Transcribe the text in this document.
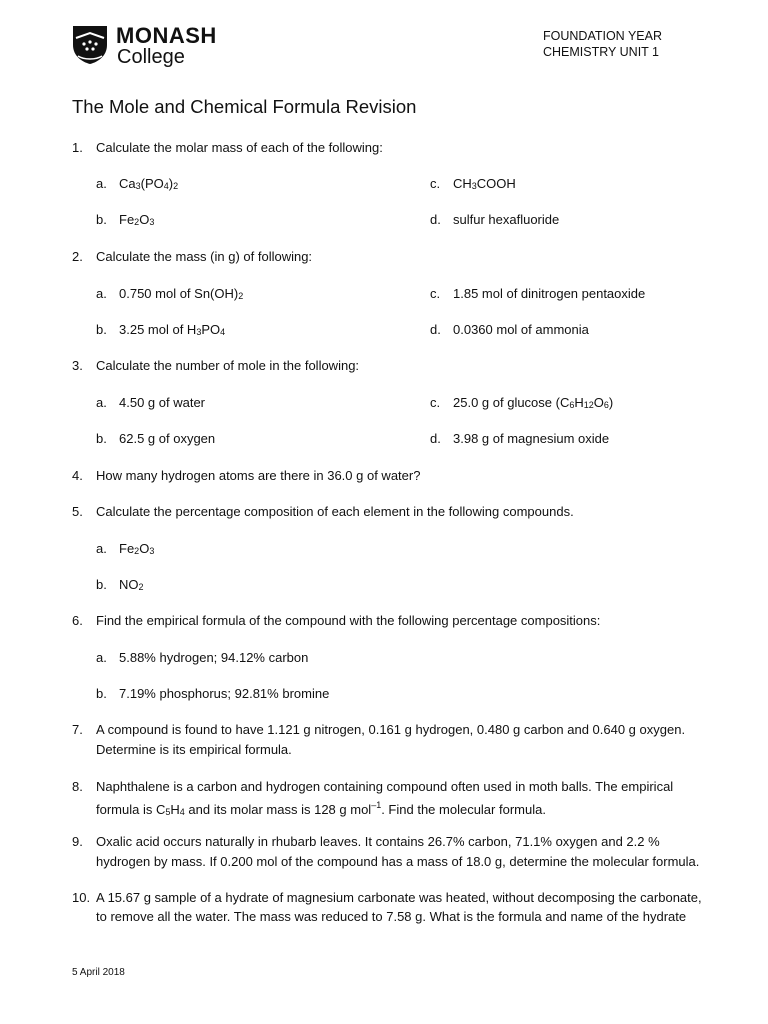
MONASH
College
FOUNDATION YEAR
CHEMISTRY UNIT 1
The Mole and Chemical Formula Revision
1. Calculate the molar mass of each of the following:
a. $Ca_3(PO_4)_2$	c. $CH_3COOH$
b. $Fe_2O_3$	d. sulfur hexafluoride
2. Calculate the mass (in g) of following:
a. 0.750 mol of $Sn(OH)_2$	c. 1.85 mol of dinitrogen pentaoxide
b. 3.25 mol of $H_3PO_4$	d. 0.0360 mol of ammonia
3. Calculate the number of mole in the following:
a. 4.50 g of water	c. 25.0 g of glucose $(C_6H_{12}O_6)$
b. 62.5 g of oxygen	d. 3.98 g of magnesium oxide
4. How many hydrogen atoms are there in 36.0 g of water?
5. Calculate the percentage composition of each element in the following compounds.
a. $Fe_2O_3$
b. $NO_2$
6. Find the empirical formula of the compound with the following percentage compositions:
a. 5.88% hydrogen; 94.12% carbon
b. 7.19% phosphorus; 92.81% bromine
7. A compound is found to have 1.121 g nitrogen, 0.161 g hydrogen, 0.480 g carbon and 0.640 g oxygen.
Determine is its empirical formula.
8. Naphthalene is a carbon and hydrogen containing compound often used in moth balls. The empirical
formula is $C_5H_4$ and its molar mass is 128 g mol$^{-1}$. Find the molecular formula.
9. Oxalic acid occurs naturally in rhubarb leaves. It contains 26.7% carbon, 71.1% oxygen and 2.2 %
hydrogen by mass. If 0.200 mol of the compound has a mass of 18.0 g, determine the molecular formula.
10. A 15.67 g sample of a hydrate of magnesium carbonate was heated, without decomposing the carbonate,
to remove all the water. The mass was reduced to 7.58 g. What is the formula and name of the hydrate
5 April 2018
